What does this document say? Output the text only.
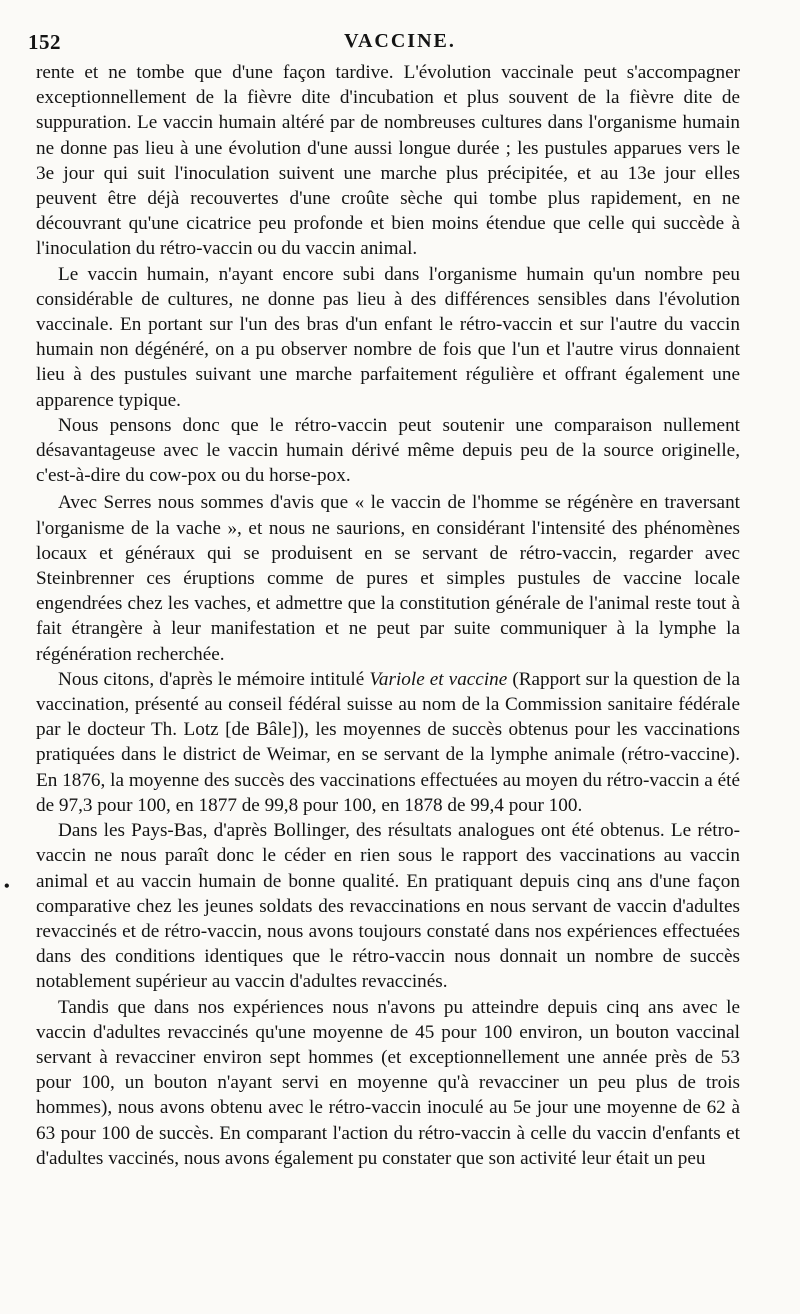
152	VACCINE.
•

rente et ne tombe que d'une façon tardive. L'évolution vaccinale peut s'accompagner exceptionnellement de la fièvre dite d'incubation et plus souvent de la fièvre dite de suppuration. Le vaccin humain altéré par de nombreuses cultures dans l'organisme humain ne donne pas lieu à une évolution d'une aussi longue durée ; les pustules apparues vers le 3e jour qui suit l'inoculation suivent une marche plus précipitée, et au 13e jour elles peuvent être déjà recouvertes d'une croûte sèche qui tombe plus rapidement, en ne découvrant qu'une cicatrice peu profonde et bien moins étendue que celle qui succède à l'inoculation du rétro-vaccin ou du vaccin animal.

Le vaccin humain, n'ayant encore subi dans l'organisme humain qu'un nombre peu considérable de cultures, ne donne pas lieu à des différences sensibles dans l'évolution vaccinale. En portant sur l'un des bras d'un enfant le rétro-vaccin et sur l'autre du vaccin humain non dégénéré, on a pu observer nombre de fois que l'un et l'autre virus donnaient lieu à des pustules suivant une marche parfaitement régulière et offrant également une apparence typique.

Nous pensons donc que le rétro-vaccin peut soutenir une comparaison nullement désavantageuse avec le vaccin humain dérivé même depuis peu de la source originelle, c'est-à-dire du cow-pox ou du horse-pox.

Avec Serres nous sommes d'avis que « le vaccin de l'homme se régénère en traversant l'organisme de la vache », et nous ne saurions, en considérant l'intensité des phénomènes locaux et généraux qui se produisent en se servant de rétro-vaccin, regarder avec Steinbrenner ces éruptions comme de pures et simples pustules de vaccine locale engendrées chez les vaches, et admettre que la constitution générale de l'animal reste tout à fait étrangère à leur manifestation et ne peut par suite communiquer à la lymphe la régénération recherchée.

Nous citons, d'après le mémoire intitulé Variole et vaccine (Rapport sur la question de la vaccination, présenté au conseil fédéral suisse au nom de la Commission sanitaire fédérale par le docteur Th. Lotz [de Bâle]), les moyennes de succès obtenus pour les vaccinations pratiquées dans le district de Weimar, en se servant de la lymphe animale (rétro-vaccine). En 1876, la moyenne des succès des vaccinations effectuées au moyen du rétro-vaccin a été de 97,3 pour 100, en 1877 de 99,8 pour 100, en 1878 de 99,4 pour 100.

Dans les Pays-Bas, d'après Bollinger, des résultats analogues ont été obtenus. Le rétro-vaccin ne nous paraît donc le céder en rien sous le rapport des vaccinations au vaccin animal et au vaccin humain de bonne qualité. En pratiquant depuis cinq ans d'une façon comparative chez les jeunes soldats des revaccinations en nous servant de vaccin d'adultes revaccinés et de rétro-vaccin, nous avons toujours constaté dans nos expériences effectuées dans des conditions identiques que le rétro-vaccin nous donnait un nombre de succès notablement supérieur au vaccin d'adultes revaccinés.

Tandis que dans nos expériences nous n'avons pu atteindre depuis cinq ans avec le vaccin d'adultes revaccinés qu'une moyenne de 45 pour 100 environ, un bouton vaccinal servant à revacciner environ sept hommes (et exceptionnellement une année près de 53 pour 100, un bouton n'ayant servi en moyenne qu'à revacciner un peu plus de trois hommes), nous avons obtenu avec le rétro-vaccin inoculé au 5e jour une moyenne de 62 à 63 pour 100 de succès. En comparant l'action du rétro-vaccin à celle du vaccin d'enfants et d'adultes vaccinés, nous avons également pu constater que son activité leur était un peu
